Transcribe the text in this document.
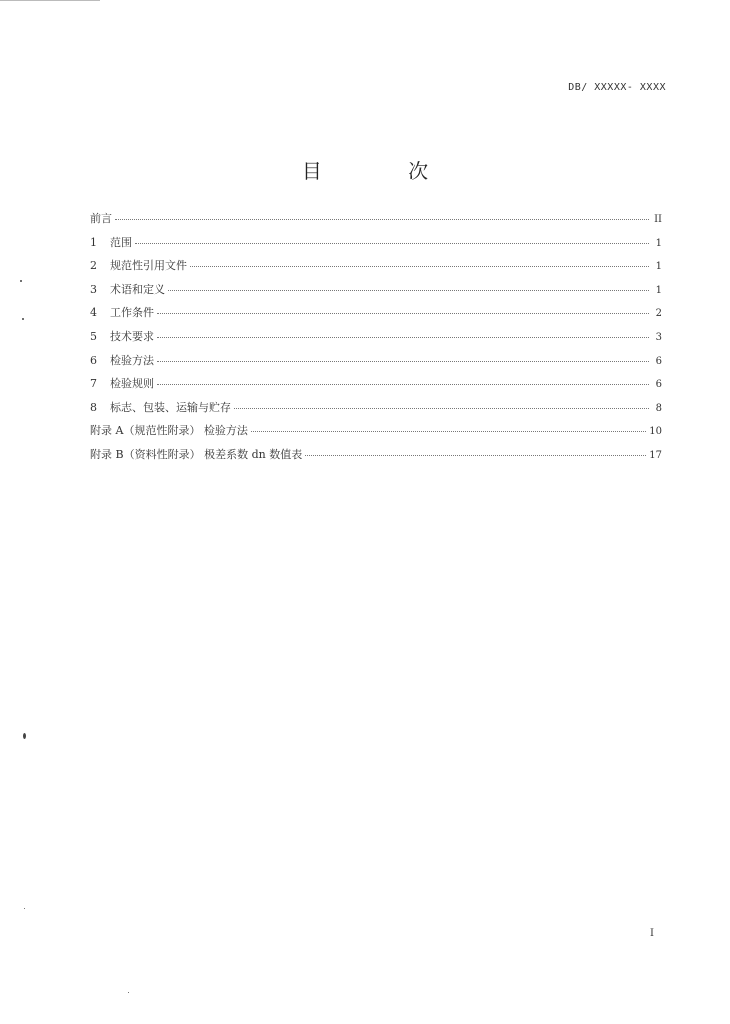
DB/ XXXXX- XXXX
目 次
前言	II
1	范围	1
2	规范性引用文件	1
3	术语和定义	1
4	工作条件	2
5	技术要求	3
6	检验方法	6
7	检验规则	6
8	标志、包装、运输与贮存	8
附录 A（规范性附录） 检验方法	10
附录 B（资料性附录） 极差系数 dn 数值表	17
I
